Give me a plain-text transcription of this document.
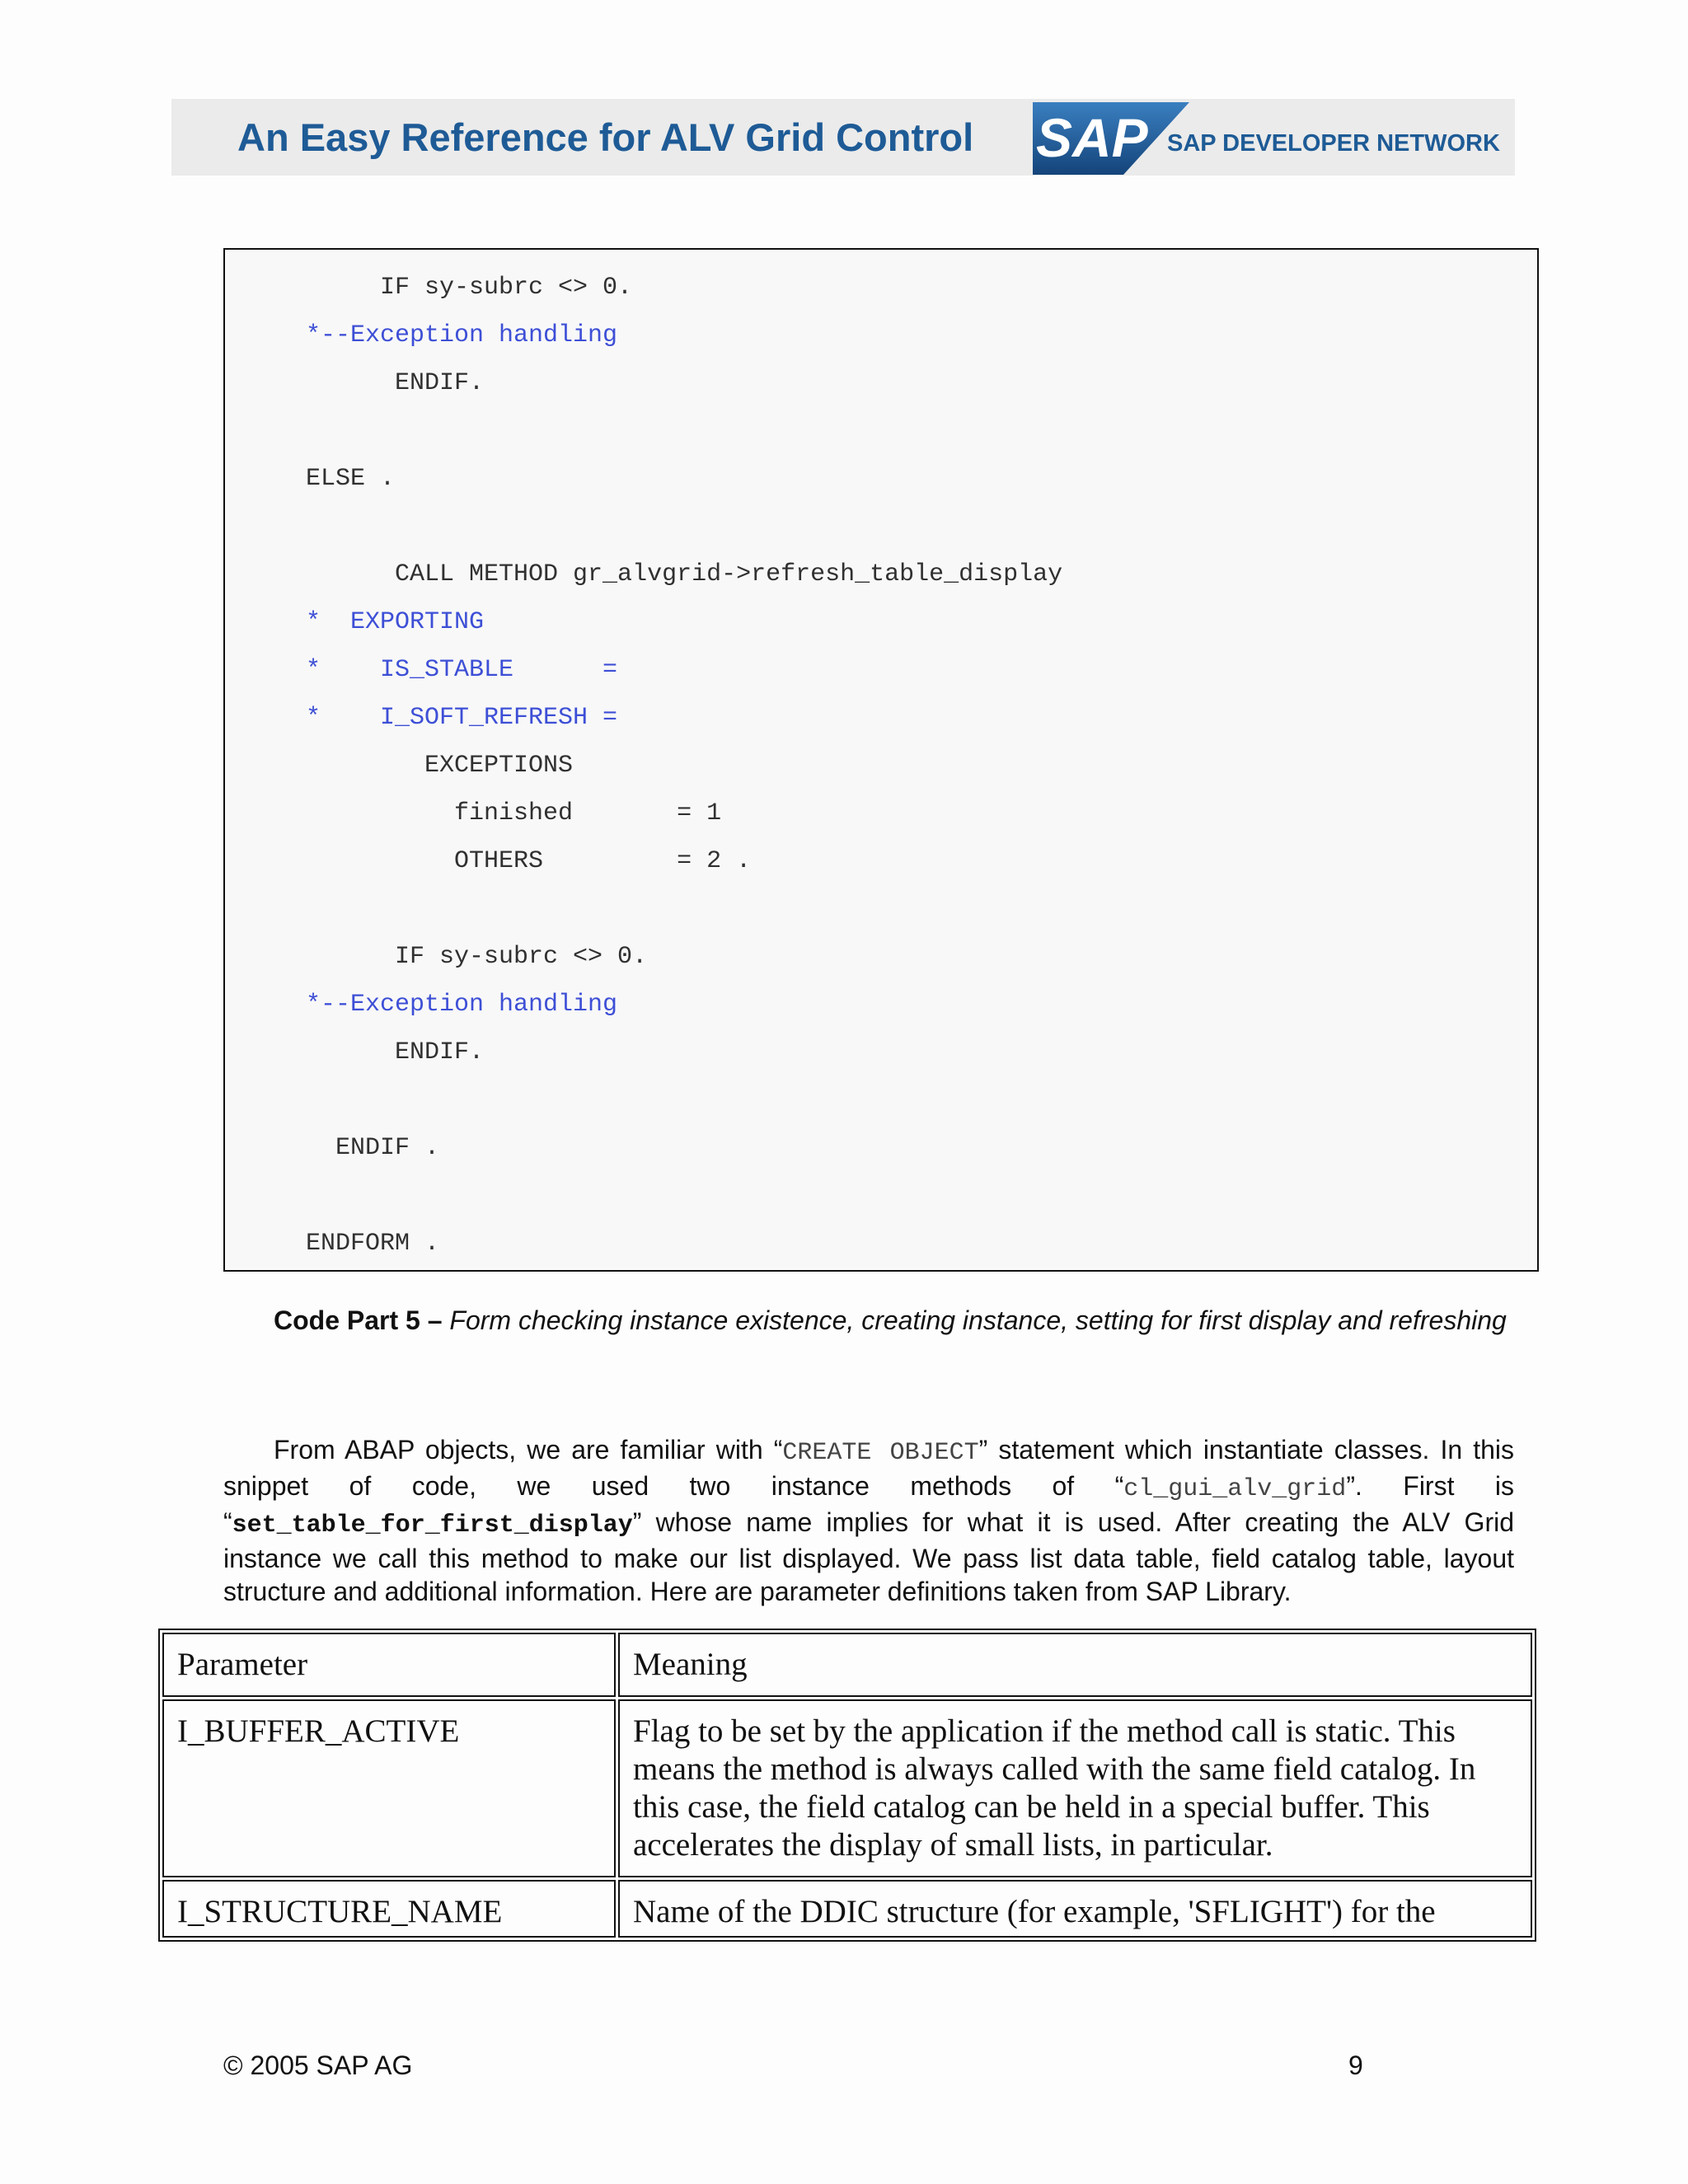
An Easy Reference for ALV Grid Control SAP SAP DEVELOPER NETWORK
IF sy-subrc <> 0.
*--Exception handling
ENDIF.
ELSE .
CALL METHOD gr_alvgrid->refresh_table_display
*  EXPORTING
*    IS_STABLE      =
*    I_SOFT_REFRESH =
EXCEPTIONS
finished       = 1
OTHERS         = 2 .
IF sy-subrc <> 0.
*--Exception handling
ENDIF.
ENDIF .
ENDFORM .
Code Part 5 – Form checking instance existence, creating instance, setting for first display and refreshing
From ABAP objects, we are familiar with “CREATE OBJECT” statement which instantiate classes. In this snippet of code, we used two instance methods of “cl_gui_alv_grid”. First is “set_table_for_first_display” whose name implies for what it is used. After creating the ALV Grid instance we call this method to make our list displayed. We pass list data table, field catalog table, layout structure and additional information. Here are parameter definitions taken from SAP Library.
Parameter	Meaning
I_BUFFER_ACTIVE	Flag to be set by the application if the method call is static. This means the method is always called with the same field catalog. In this case, the field catalog can be held in a special buffer. This accelerates the display of small lists, in particular.
I_STRUCTURE_NAME	Name of the DDIC structure (for example, 'SFLIGHT') for the
© 2005 SAP AG	9
